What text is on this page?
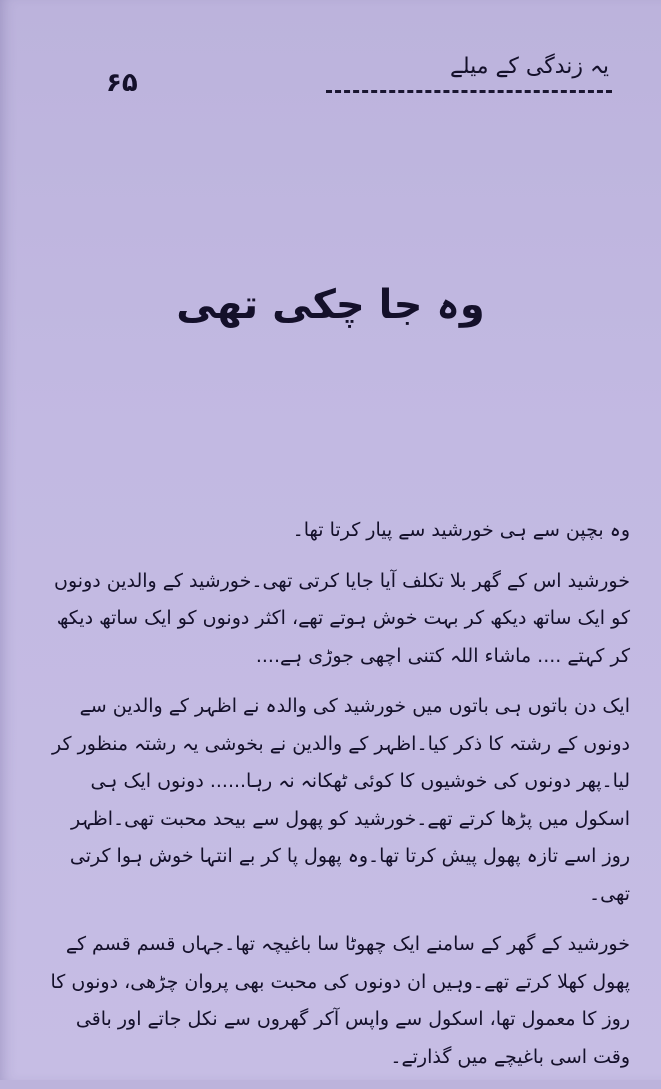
یہ زندگی کے میلے
۶۵
وہ جا چکی تھی

وہ بچپن سے ہی خورشید سے پیار کرتا تھا۔

خورشید اس کے گھر بلا تکلف آیا جایا کرتی تھی۔خورشید کے والدین دونوں کو ایک ساتھ دیکھ کر بہت خوش ہوتے تھے، اکثر دونوں کو ایک ساتھ دیکھ کر کہتے .... ماشاء اللہ کتنی اچھی جوڑی ہے....

ایک دن باتوں ہی باتوں میں خورشید کی والدہ نے اظہر کے والدین سے دونوں کے رشتہ کا ذکر کیا۔اظہر کے والدین نے بخوشی یہ رشتہ منظور کر لیا۔پھر دونوں کی خوشیوں کا کوئی ٹھکانہ نہ رہا...... دونوں ایک ہی اسکول میں پڑھا کرتے تھے۔خورشید کو پھول سے بیحد محبت تھی۔اظہر روز اسے تازہ پھول پیش کرتا تھا۔وہ پھول پا کر بے انتہا خوش ہوا کرتی تھی۔

خورشید کے گھر کے سامنے ایک چھوٹا سا باغیچہ تھا۔جہاں قسم قسم کے پھول کھلا کرتے تھے۔وہیں ان دونوں کی محبت بھی پروان چڑھی، دونوں کا روز کا معمول تھا، اسکول سے واپس آکر گھروں سے نکل جاتے اور باقی وقت اسی باغیچے میں گذارتے۔
